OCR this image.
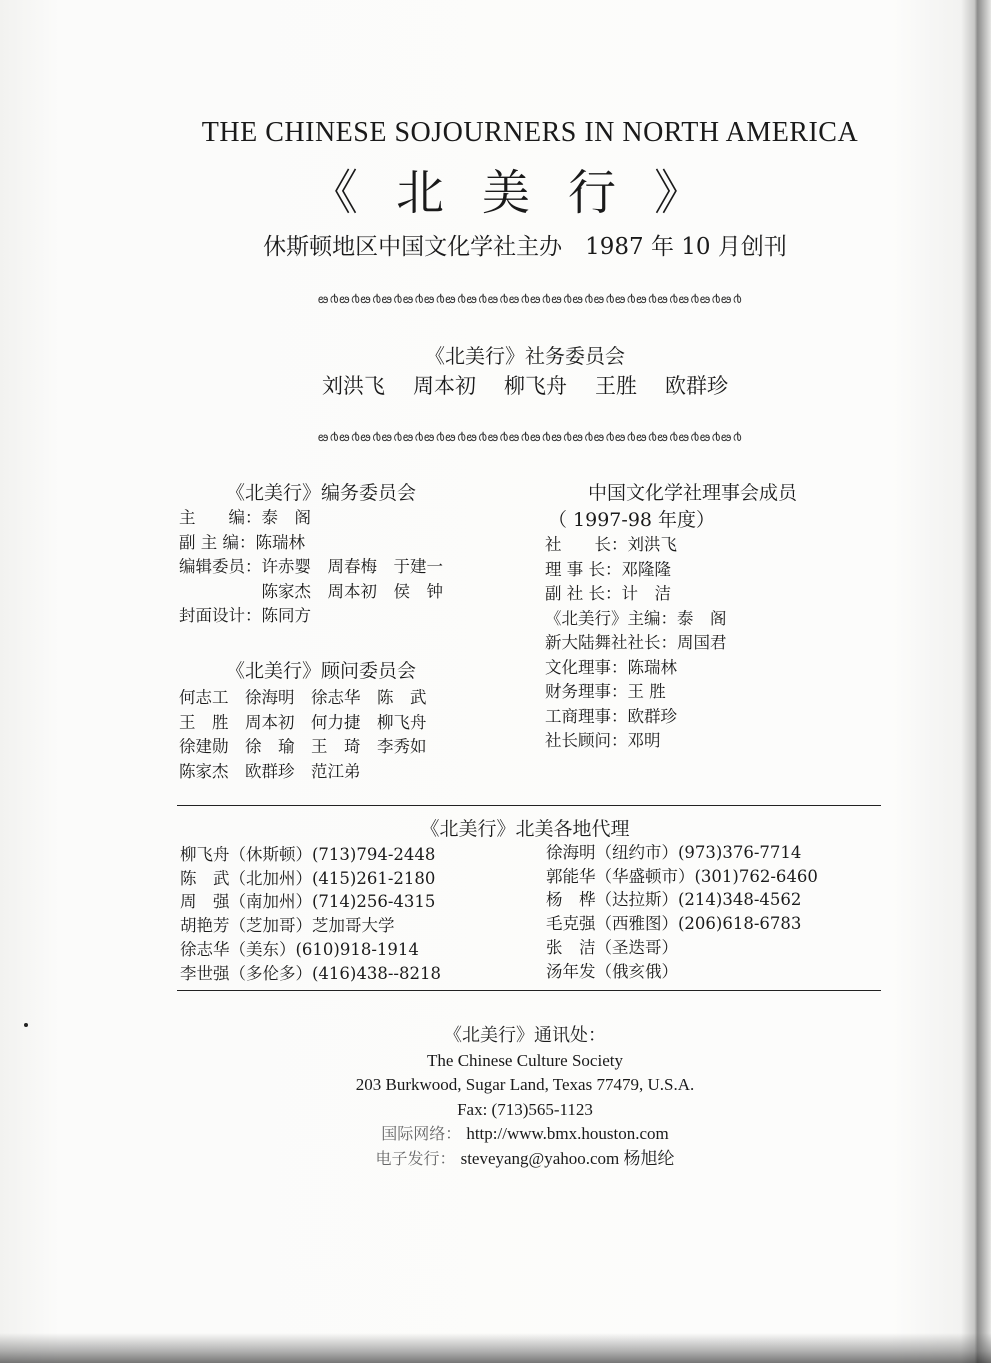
THE CHINESE SOJOURNERS IN NORTH AMERICA
《北美行》
休斯顿地区中国文化学社主办　1987 年 10 月创刊
ఴ൪ఴ൪ఴ൪ఴ൪ఴ൪ఴ൪ఴ൪ఴ൪ఴ൪ఴ൪ఴ൪ఴ൪ఴ൪ఴ൪ఴ൪ఴ൪ఴ൪ఴ൪ఴ൪ఴ൪
《北美行》社务委员会
刘洪飞 周本初 柳飞舟 王胜 欧群珍
ఴ൪ఴ൪ఴ൪ఴ൪ఴ൪ఴ൪ఴ൪ఴ൪ఴ൪ఴ൪ఴ൪ఴ൪ఴ൪ఴ൪ఴ൪ఴ൪ఴ൪ఴ൪ఴ൪ఴ൪
《北美行》编务委员会
主　　编：泰　阁
副 主 编：陈瑞林
编辑委员：许赤婴　周春梅　于建一
　　　　　陈家杰　周本初　侯　钟
封面设计：陈同方
《北美行》顾问委员会
何志工　徐海明　徐志华　陈　武
王　胜　周本初　何力捷　柳飞舟
徐建勋　徐　瑜　王　琦　李秀如
陈家杰　欧群珍　范江弟
中国文化学社理事会成员
（ 1997-98 年度）
社　　长：刘洪飞
理 事 长：邓隆隆
副 社 长：计　洁
《北美行》主编：泰　阁
新大陆舞社社长：周国君
文化理事：陈瑞林
财务理事：王 胜
工商理事：欧群珍
社长顾问：邓明
《北美行》北美各地代理
柳飞舟（休斯顿）(713)794-2448
陈　武（北加州）(415)261-2180
周　强（南加州）(714)256-4315
胡艳芳（芝加哥）芝加哥大学
徐志华（美东）(610)918-1914
李世强（多伦多）(416)438--8218
徐海明（纽约市）(973)376-7714
郭能华（华盛顿市）(301)762-6460
杨　桦（达拉斯）(214)348-4562
毛克强（西雅图）(206)618-6783
张　洁（圣迭哥）
汤年发（俄亥俄）
《北美行》通讯处：
The Chinese Culture Society
203 Burkwood, Sugar Land, Texas 77479, U.S.A.
Fax: (713)565-1123
国际网络： http://www.bmx.houston.com
电子发行： steveyang@yahoo.com 杨旭纶
